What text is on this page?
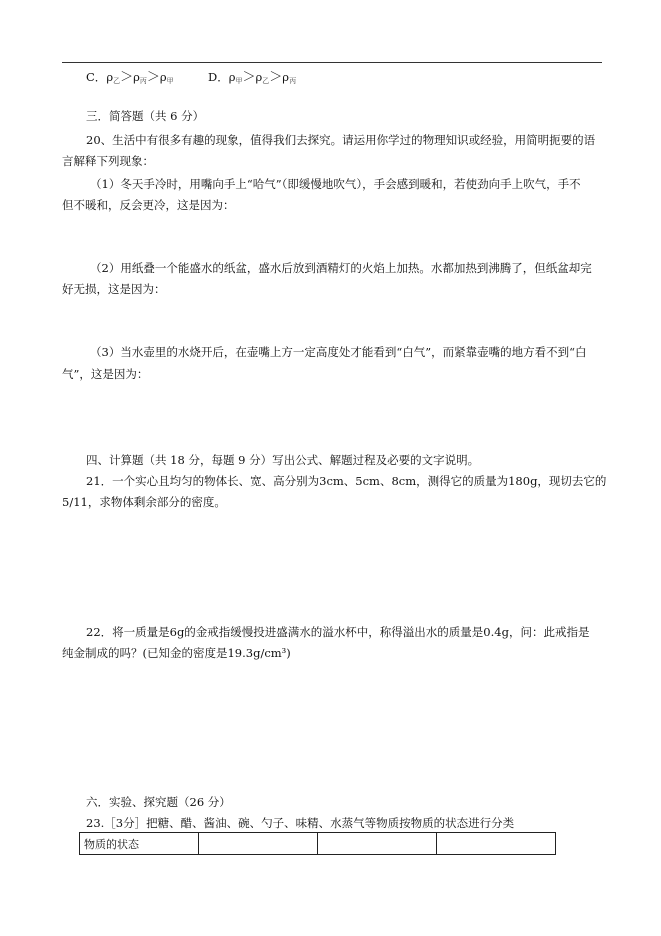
C．$\rho_乙>\rho_丙>\rho_甲$	D．$\rho_甲>\rho_乙>\rho_丙$
三．简答题（共 6 分）
20、生活中有很多有趣的现象，值得我们去探究。请运用你学过的物理知识或经验，用简明扼要的语
言解释下列现象：
（1）冬天手冷时，用嘴向手上“哈气”（即缓慢地吹气），手会感到暖和，若使劲向手上吹气，手不
但不暖和，反会更冷，这是因为：
（2）用纸叠一个能盛水的纸盆，盛水后放到酒精灯的火焰上加热。水都加热到沸腾了，但纸盆却完
好无损，这是因为：
（3）当水壶里的水烧开后，在壶嘴上方一定高度处才能看到“白气”，而紧靠壶嘴的地方看不到“白
气”，这是因为：
四、计算题（共 18 分，每题 9 分）写出公式、解题过程及必要的文字说明。
21．一个实心且均匀的物体长、宽、高分别为3cm、5cm、8cm，测得它的质量为180g，现切去它的
5/11，求物体剩余部分的密度。
22．将一质量是6g的金戒指缓慢投进盛满水的溢水杯中，称得溢出水的质量是0.4g，问：此戒指是
纯金制成的吗？(已知金的密度是19.3g/cm³)
六．实验、探究题（26 分）
23.［3分］把糖、醋、酱油、碗、勺子、味精、水蒸气等物质按物质的状态进行分类
物质的状态			
